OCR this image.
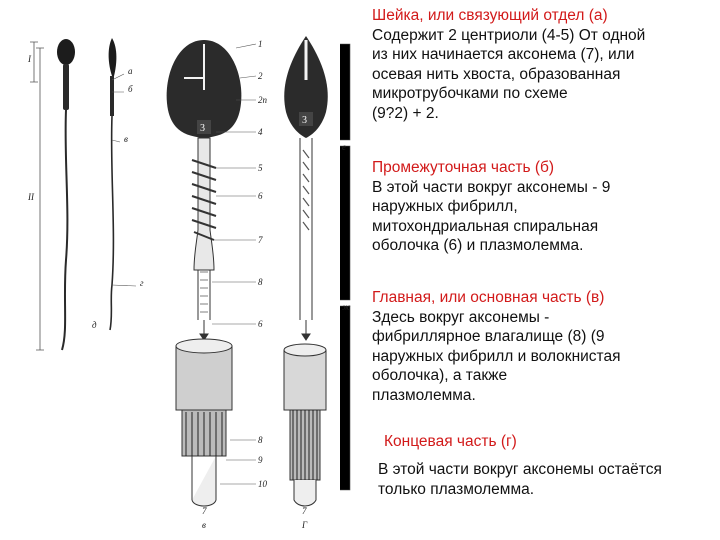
I
II
а
б
в
г
д
3
3
1
2
2п
4
5
6
7
8
6
8
9
10
е
ж
7
в
7
Г

Шейка, или связующий отдел (а)

Содержит 2 центриоли (4-5) От одной

из них начинается аксонема (7), или

осевая нить хвоста, образованная

микротрубочками по схеме

(9?2) + 2.

Промежуточная часть (б)

В этой части вокруг аксонемы - 9

наружных фибрилл,

митохондриальная спиральная

оболочка (6) и плазмолемма.

Главная, или основная часть (в)

Здесь вокруг аксонемы -

фибриллярное влагалище (8) (9

наружных фибрилл и волокнистая

оболочка), а также

плазмолемма.

Концевая часть (г)

В этой части вокруг аксонемы остаётся

только плазмолемма.
